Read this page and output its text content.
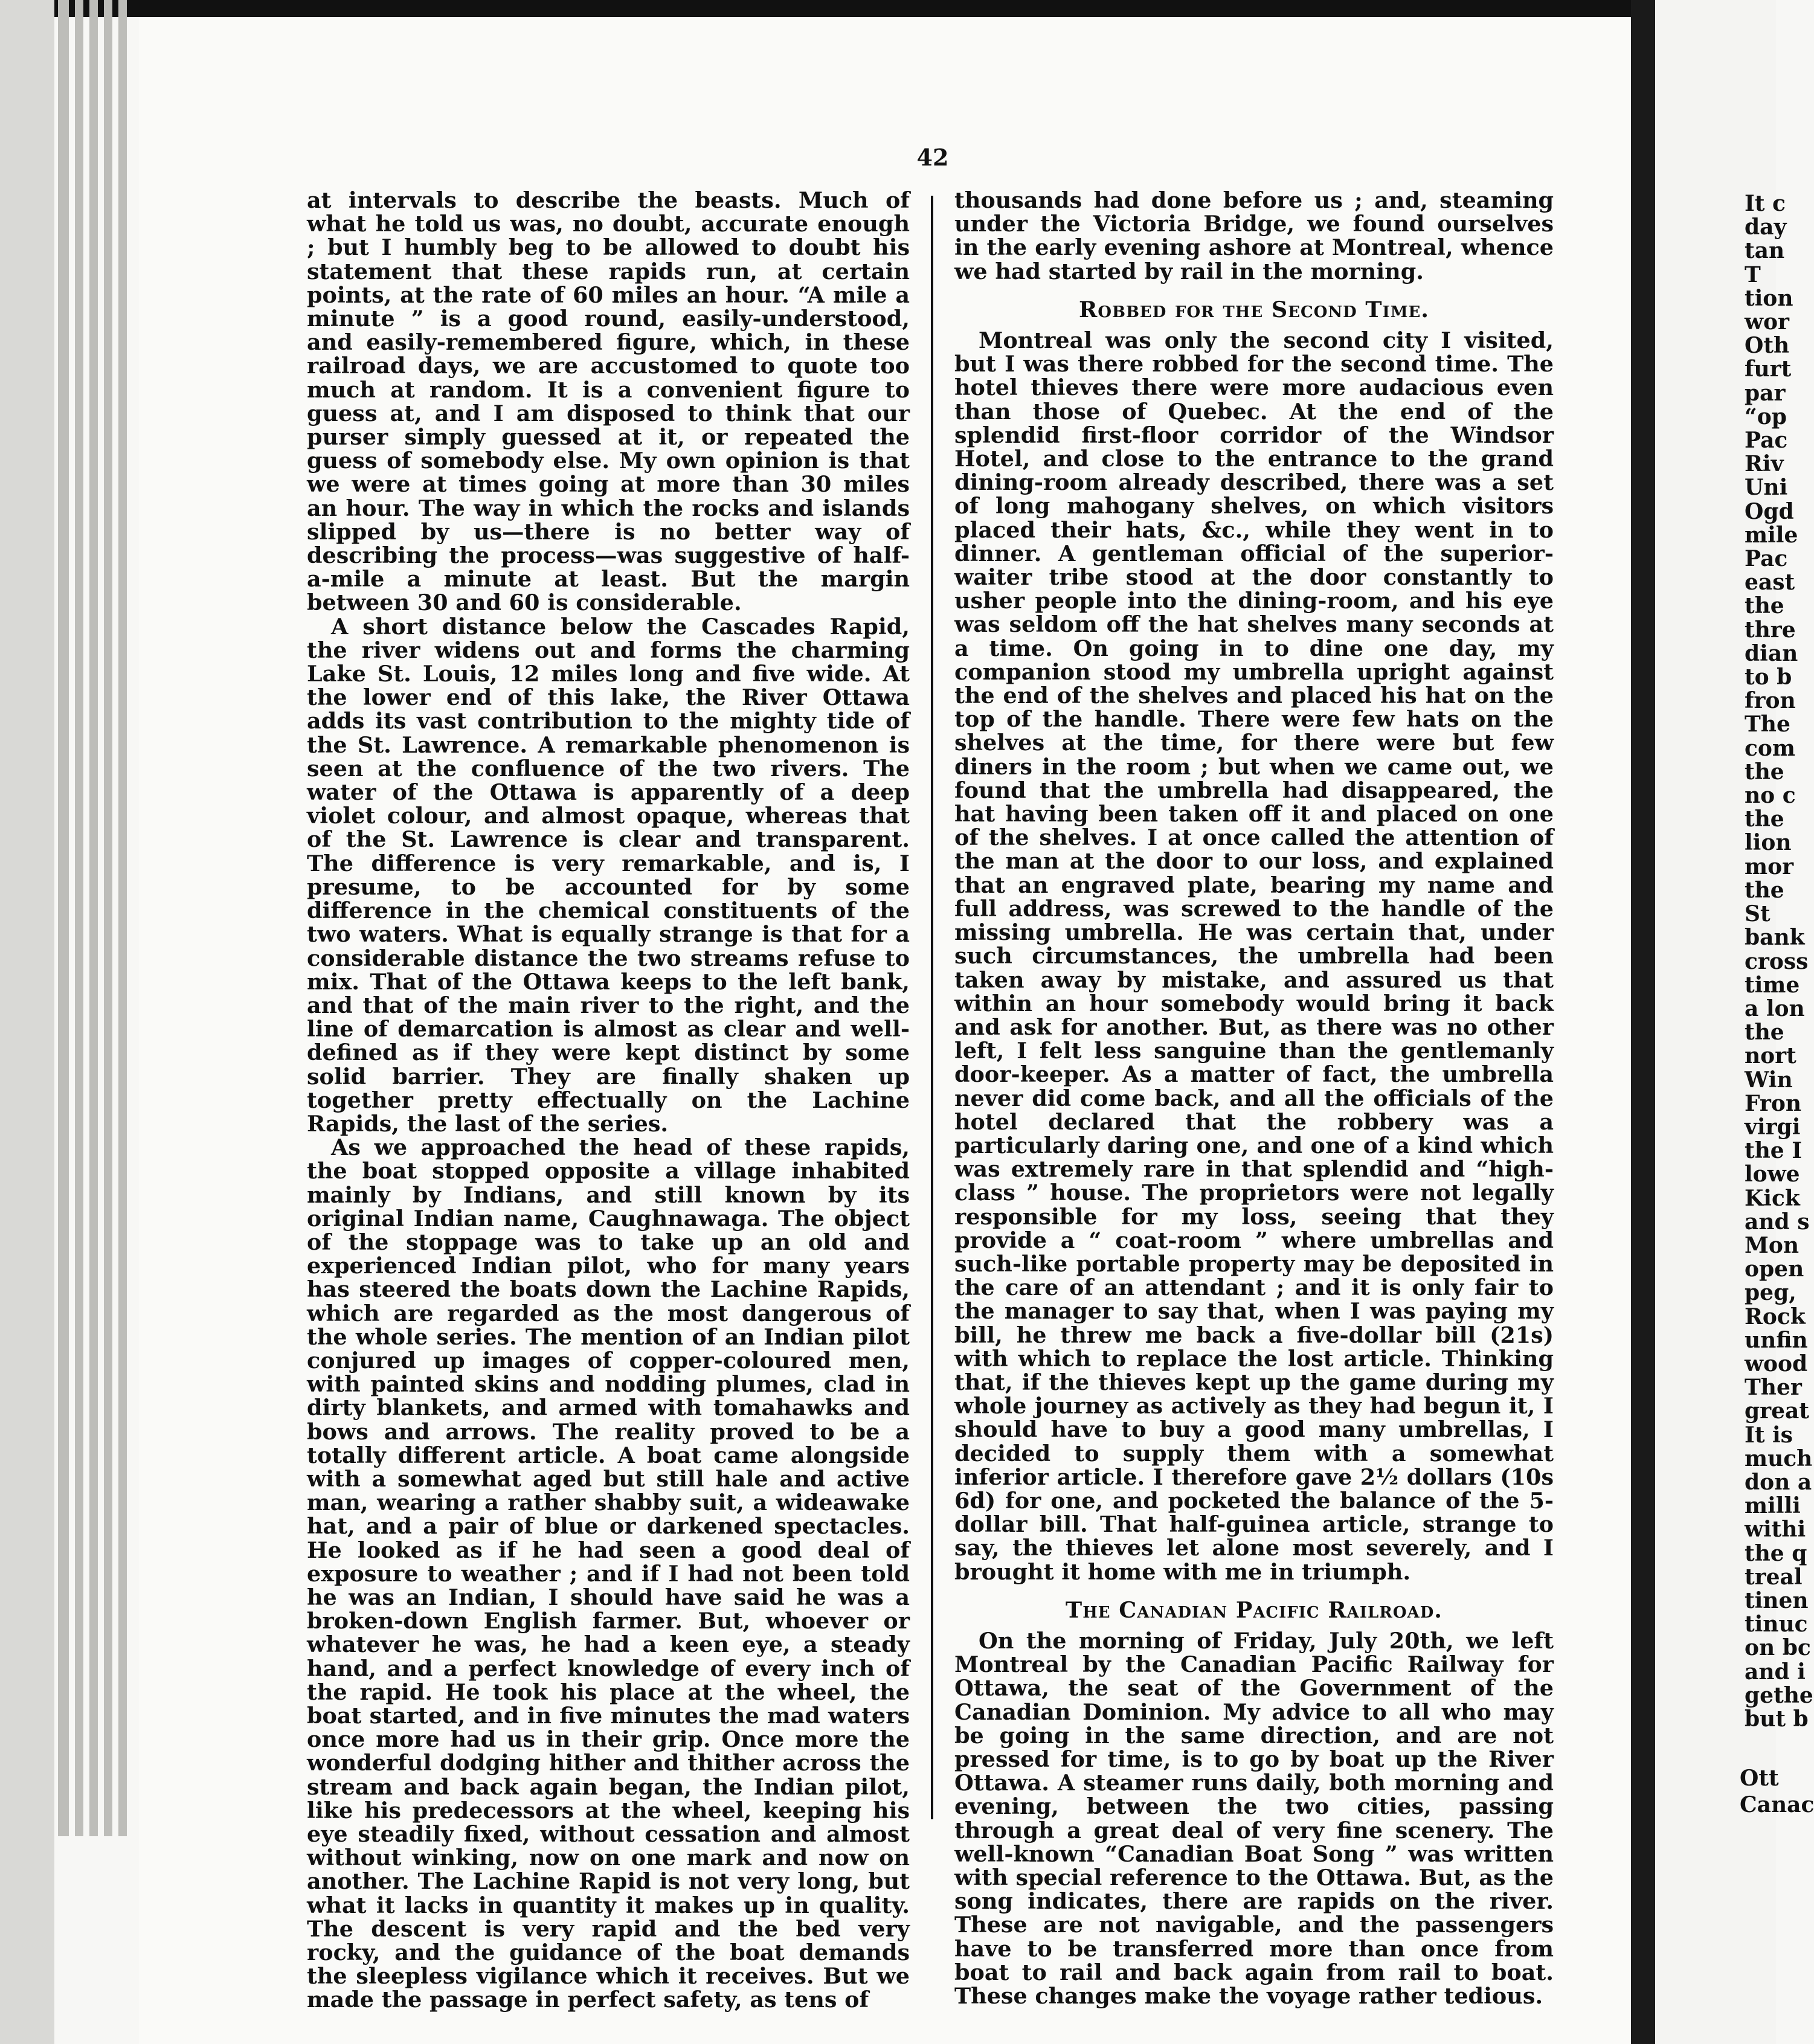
42

at intervals to describe the beasts. Much of what he told us was, no doubt, accurate enough ; but I humbly beg to be allowed to doubt his statement that these rapids run, at certain points, at the rate of 60 miles an hour. “A mile a minute ” is a good round, easily-understood, and easily-remembered figure, which, in these railroad days, we are accustomed to quote too much at random. It is a convenient figure to guess at, and I am disposed to think that our purser simply guessed at it, or repeated the guess of somebody else. My own opinion is that we were at times going at more than 30 miles an hour. The way in which the rocks and islands slipped by us—there is no better way of describing the process—was suggestive of half-a-mile a minute at least. But the margin between 30 and 60 is considerable.

A short distance below the Cascades Rapid, the river widens out and forms the charming Lake St. Louis, 12 miles long and five wide. At the lower end of this lake, the River Ottawa adds its vast contribution to the mighty tide of the St. Lawrence. A remarkable phenomenon is seen at the confluence of the two rivers. The water of the Ottawa is apparently of a deep violet colour, and almost opaque, whereas that of the St. Lawrence is clear and transparent. The difference is very remarkable, and is, I presume, to be accounted for by some difference in the chemical constituents of the two waters. What is equally strange is that for a considerable distance the two streams refuse to mix. That of the Ottawa keeps to the left bank, and that of the main river to the right, and the line of demarcation is almost as clear and well-defined as if they were kept distinct by some solid barrier. They are finally shaken up together pretty effectually on the Lachine Rapids, the last of the series.

As we approached the head of these rapids, the boat stopped opposite a village inhabited mainly by Indians, and still known by its original Indian name, Caughnawaga. The object of the stoppage was to take up an old and experienced Indian pilot, who for many years has steered the boats down the Lachine Rapids, which are regarded as the most dangerous of the whole series. The mention of an Indian pilot conjured up images of copper-coloured men, with painted skins and nodding plumes, clad in dirty blankets, and armed with tomahawks and bows and arrows. The reality proved to be a totally different article. A boat came alongside with a somewhat aged but still hale and active man, wearing a rather shabby suit, a wideawake hat, and a pair of blue or darkened spectacles. He looked as if he had seen a good deal of exposure to weather ; and if I had not been told he was an Indian, I should have said he was a broken-down English farmer. But, whoever or whatever he was, he had a keen eye, a steady hand, and a perfect knowledge of every inch of the rapid. He took his place at the wheel, the boat started, and in five minutes the mad waters once more had us in their grip. Once more the wonderful dodging hither and thither across the stream and back again began, the Indian pilot, like his predecessors at the wheel, keeping his eye steadily fixed, without cessation and almost without winking, now on one mark and now on another. The Lachine Rapid is not very long, but what it lacks in quantity it makes up in quality. The descent is very rapid and the bed very rocky, and the guidance of the boat demands the sleepless vigilance which it receives. But we made the passage in perfect safety, as tens of

thousands had done before us ; and, steaming under the Victoria Bridge, we found ourselves in the early evening ashore at Montreal, whence we had started by rail in the morning.

Robbed for the Second Time.

Montreal was only the second city I visited, but I was there robbed for the second time. The hotel thieves there were more audacious even than those of Quebec. At the end of the splendid first-floor corridor of the Windsor Hotel, and close to the entrance to the grand dining-room already described, there was a set of long mahogany shelves, on which visitors placed their hats, &c., while they went in to dinner. A gentleman official of the superior-waiter tribe stood at the door constantly to usher people into the dining-room, and his eye was seldom off the hat shelves many seconds at a time. On going in to dine one day, my companion stood my umbrella upright against the end of the shelves and placed his hat on the top of the handle. There were few hats on the shelves at the time, for there were but few diners in the room ; but when we came out, we found that the umbrella had disappeared, the hat having been taken off it and placed on one of the shelves. I at once called the attention of the man at the door to our loss, and explained that an engraved plate, bearing my name and full address, was screwed to the handle of the missing umbrella. He was certain that, under such circumstances, the umbrella had been taken away by mistake, and assured us that within an hour somebody would bring it back and ask for another. But, as there was no other left, I felt less sanguine than the gentlemanly door-keeper. As a matter of fact, the umbrella never did come back, and all the officials of the hotel declared that the robbery was a particularly daring one, and one of a kind which was extremely rare in that splendid and “high-class ” house. The proprietors were not legally responsible for my loss, seeing that they provide a “ coat-room ” where umbrellas and such-like portable property may be deposited in the care of an attendant ; and it is only fair to the manager to say that, when I was paying my bill, he threw me back a five-dollar bill (21s) with which to replace the lost article. Thinking that, if the thieves kept up the game during my whole journey as actively as they had begun it, I should have to buy a good many umbrellas, I decided to supply them with a somewhat inferior article. I therefore gave 2½ dollars (10s 6d) for one, and pocketed the balance of the 5-dollar bill. That half-guinea article, strange to say, the thieves let alone most severely, and I brought it home with me in triumph.

The Canadian Pacific Railroad.

On the morning of Friday, July 20th, we left Montreal by the Canadian Pacific Railway for Ottawa, the seat of the Government of the Canadian Dominion. My advice to all who may be going in the same direction, and are not pressed for time, is to go by boat up the River Ottawa. A steamer runs daily, both morning and evening, between the two cities, passing through a great deal of very fine scenery. The well-known “Canadian Boat Song ” was written with special reference to the Ottawa. But, as the song indicates, there are rapids on the river. These are not navigable, and the passengers have to be transferred more than once from boat to rail and back again from rail to boat. These changes make the voyage rather tedious.

It c
day
tan
T
tion
wor
Oth
furt
par
“op
Pac
Riv
Uni
Ogd
mile
Pac
east
the
thre
dian
to b
fron
The
com
the
no c
the
lion
mor
the
St
bank
cross
time
a lon
the
nort
Win
Fron
virgi
the I
lowe
Kick
and s
Mon
open
peg,
Rock
unfin
wood
Ther
great
It is
much
don a
milli
withi
the q
treal
tinen
tinuc
on bc
and i
gethe
but b
Ott
Canac
